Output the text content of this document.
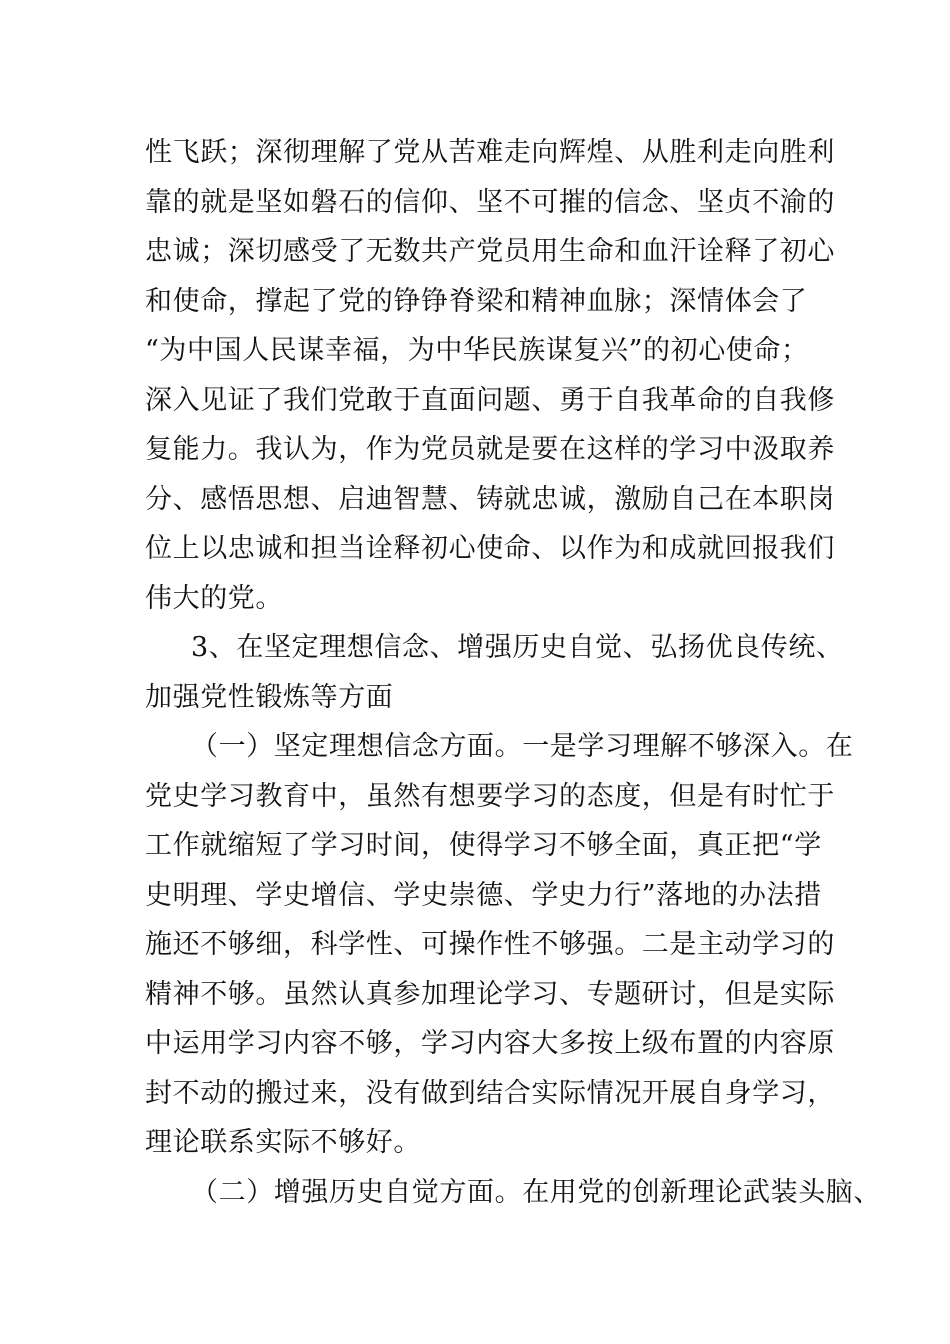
性飞跃；深彻理解了党从苦难走向辉煌、从胜利走向胜利
靠的就是坚如磐石的信仰、坚不可摧的信念、坚贞不渝的
忠诚；深切感受了无数共产党员用生命和血汗诠释了初心
和使命，撑起了党的铮铮脊梁和精神血脉；深情体会了
“为中国人民谋幸福，为中华民族谋复兴”的初心使命；
深入见证了我们党敢于直面问题、勇于自我革命的自我修
复能力。我认为，作为党员就是要在这样的学习中汲取养
分、感悟思想、启迪智慧、铸就忠诚，激励自己在本职岗
位上以忠诚和担当诠释初心使命、以作为和成就回报我们
伟大的党。
3、在坚定理想信念、增强历史自觉、弘扬优良传统、
加强党性锻炼等方面
（一）坚定理想信念方面。一是学习理解不够深入。在
党史学习教育中，虽然有想要学习的态度，但是有时忙于
工作就缩短了学习时间，使得学习不够全面，真正把“学
史明理、学史增信、学史崇德、学史力行”落地的办法措
施还不够细，科学性、可操作性不够强。二是主动学习的
精神不够。虽然认真参加理论学习、专题研讨，但是实际
中运用学习内容不够，学习内容大多按上级布置的内容原
封不动的搬过来，没有做到结合实际情况开展自身学习，
理论联系实际不够好。
（二）增强历史自觉方面。在用党的创新理论武装头脑、
